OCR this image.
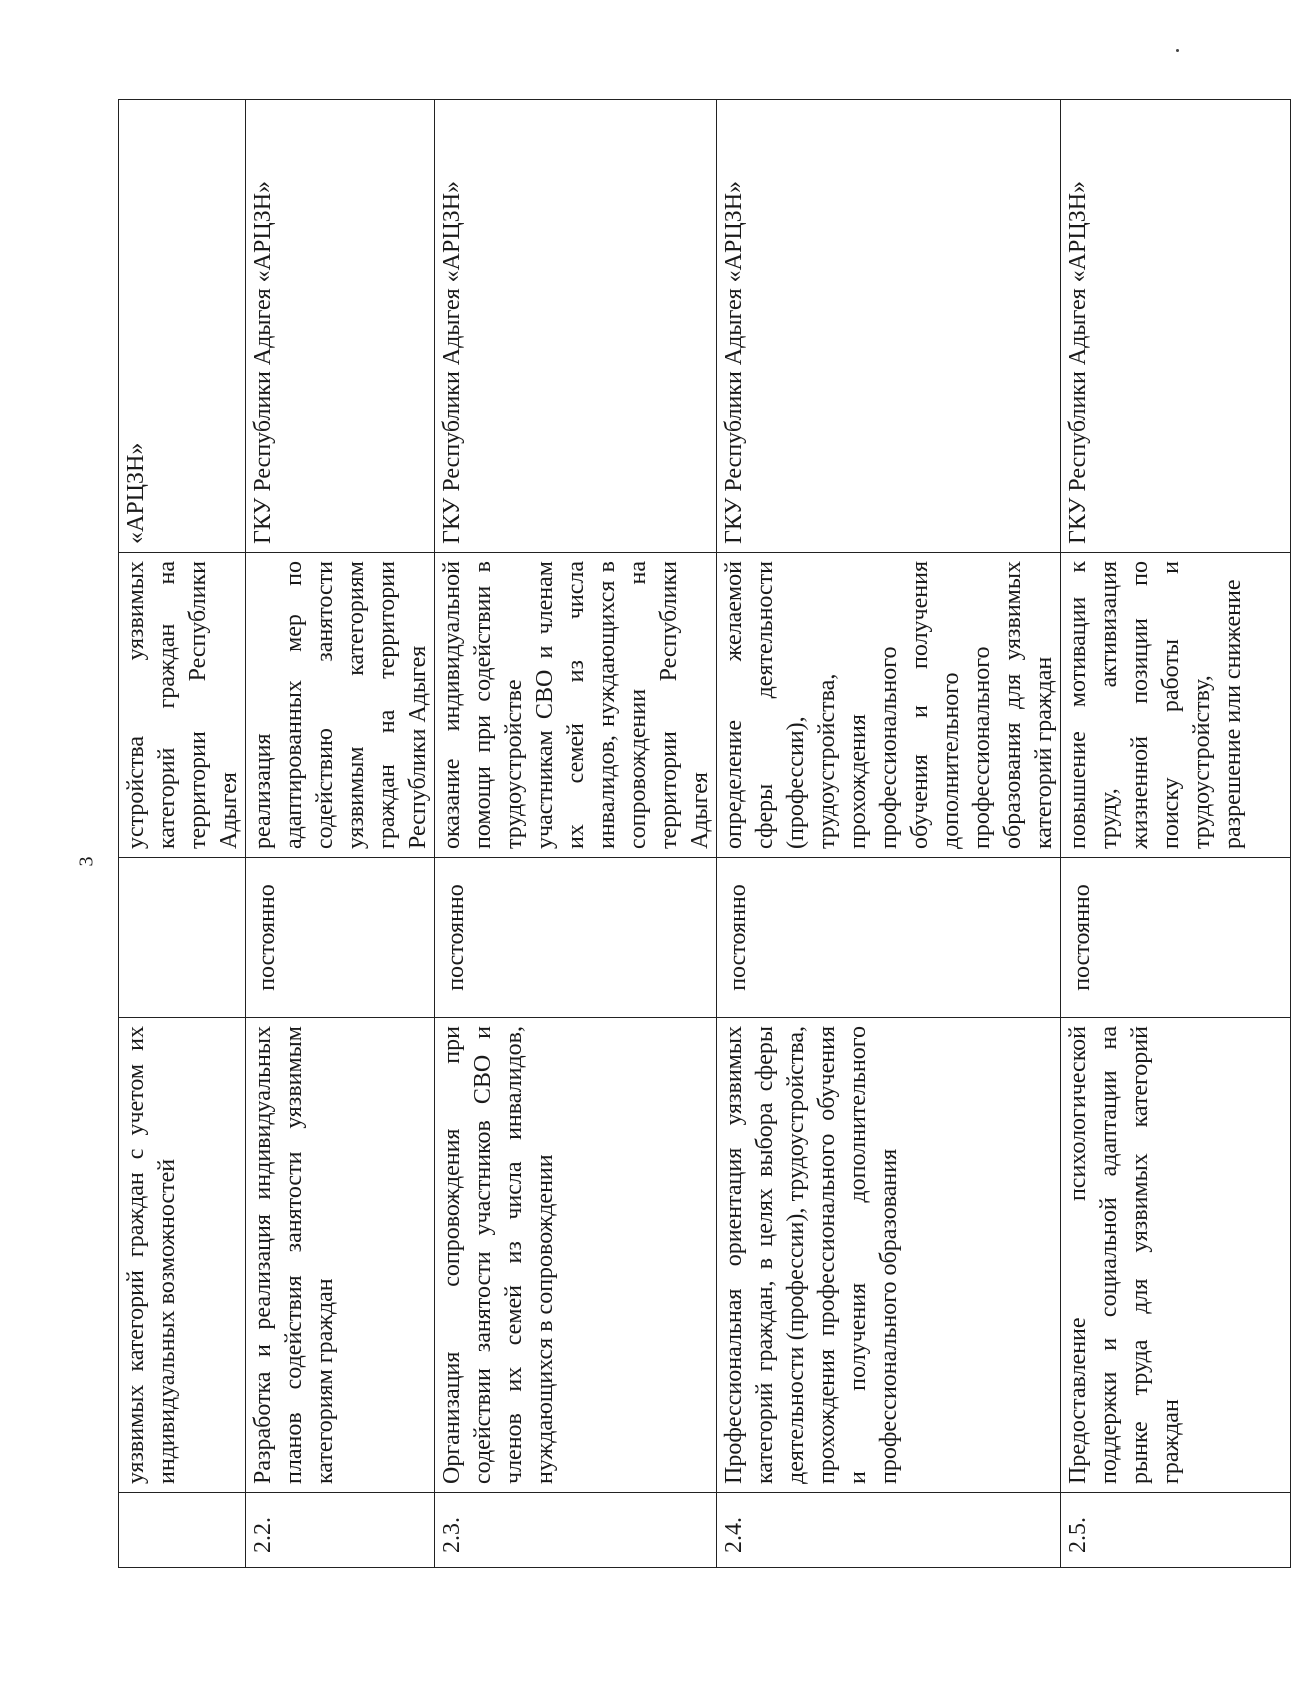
3
	уязвимых категорий граждан с учетом их индивидуальных возможностей		устройства уязвимых категорий граждан на территории Республики Адыгея	«АРЦЗН»
2.2.	Разработка и реализация индивидуальных планов содействия занятости уязвимым категориям граждан	постоянно	реализация адаптированных мер по содействию занятости уязвимым категориям граждан на территории Республики Адыгея	ГКУ Республики Адыгея «АРЦЗН»
2.3.	Организация сопровождения при содействии занятости участников СВО и членов их семей из числа инвалидов, нуждающихся в сопровождении	постоянно	оказание индивидуальной помощи при содействии в трудоустройстве участникам СВО и членам их семей из числа инвалидов, нуждающихся в сопровождении на территории Республики Адыгея	ГКУ Республики Адыгея «АРЦЗН»
2.4.	Профессиональная ориентация уязвимых категорий граждан, в целях выбора сферы деятельности (профессии), трудоустройства, прохождения профессионального обучения и получения дополнительного профессионального образования	постоянно	определение желаемой сферы деятельности (профессии), трудоустройства, прохождения профессионального обучения и получения дополнительного профессионального образования для уязвимых категорий граждан	ГКУ Республики Адыгея «АРЦЗН»
2.5.	Предоставление психологической поддержки и социальной адаптации на рынке труда для уязвимых категорий граждан	постоянно	повышение мотивации к труду, активизация жизненной позиции по поиску работы и трудоустройству, разрешение или снижение	ГКУ Республики Адыгея «АРЦЗН»
